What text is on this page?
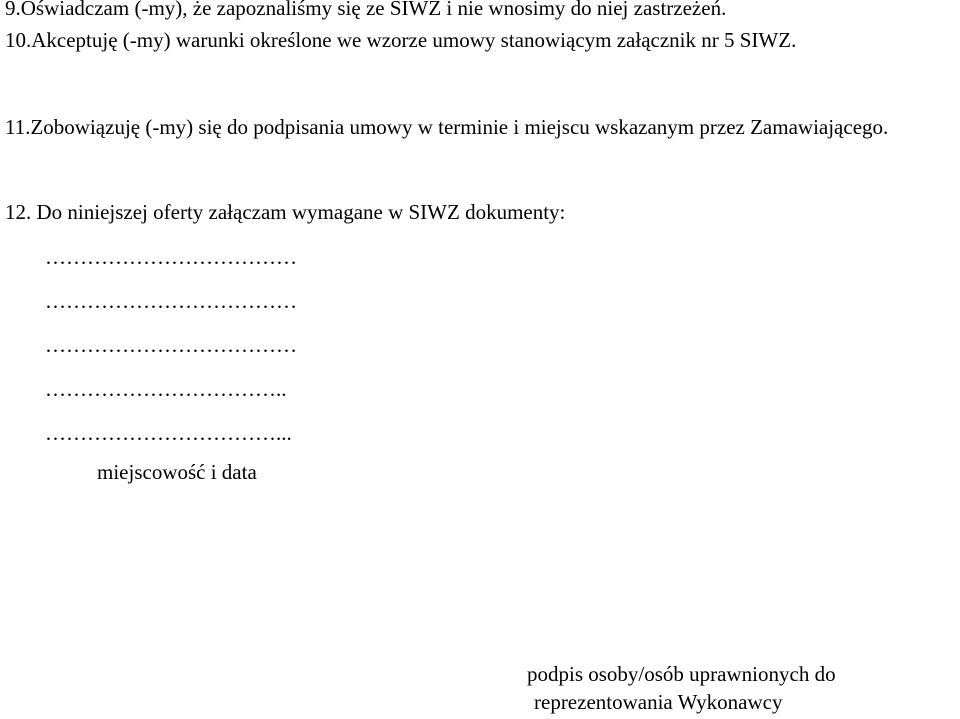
9.Oświadczam (-my), że zapoznaliśmy się ze SIWZ i nie wnosimy do niej zastrzeżeń.

10.Akceptuję (-my) warunki określone we wzorze umowy stanowiącym załącznik nr 5 SIWZ.

11.Zobowiązuję (-my) się do podpisania umowy w terminie i miejscu wskazanym przez Zamawiającego.

12. Do niniejszej oferty załączam wymagane w SIWZ dokumenty:

………………………………
………………………………
………………………………
……………………………..
……………………………...
miejscowość i data
podpis osoby/osób uprawnionych do
reprezentowania Wykonawcy
